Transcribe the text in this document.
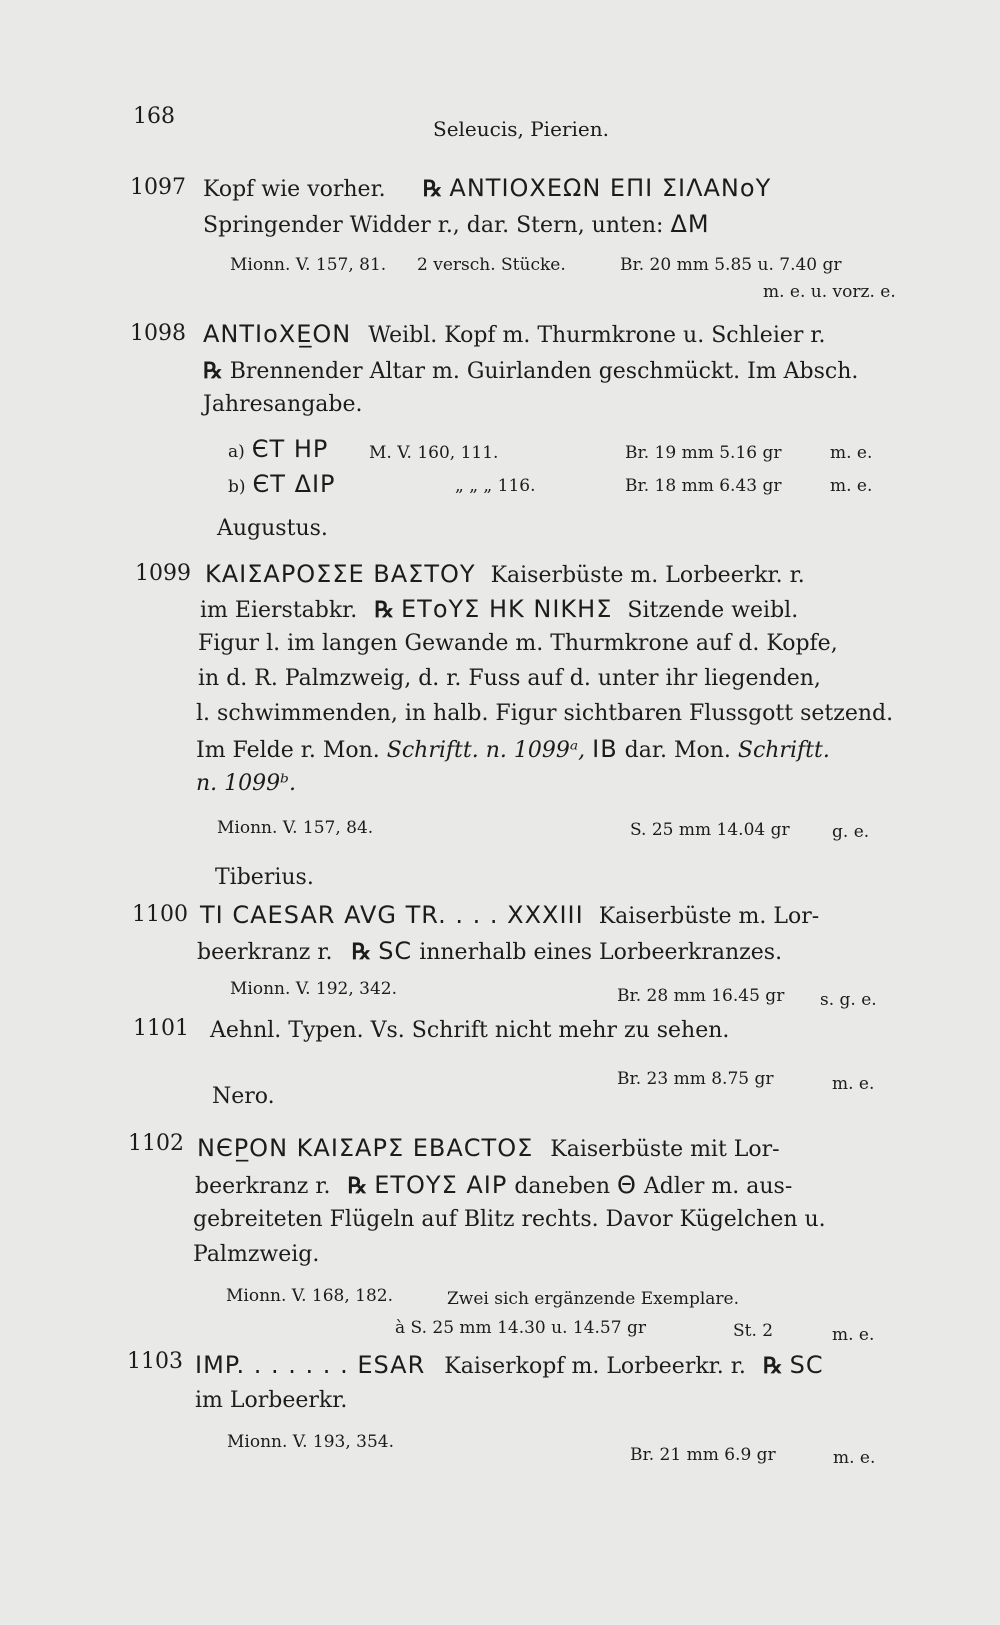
168	Seleucis, Pierien.
1097 Kopf wie vorher. ℞ ΑΝΤΙΟΧΕΩΝ ΕΠΙ ΣΙΛΑΝοΥ
Springender Widder r., dar. Stern, unten: ΔΜ
Mionn. V. 157, 81. 2 versch. Stücke.	Br. 20 mm 5.85 u. 7.40 gr
m. e. u. vorz. e.
1098 ΑΝΤΙοΧΕ̲ΟΝ Weibl. Kopf m. Thurmkrone u. Schleier r.
℞ Brennender Altar m. Guirlanden geschmückt. Im Absch.
Jahresangabe.
a) ЄΤ ΗΡ M. V. 160, 111.	Br. 19 mm 5.16 gr	m. e.
b) ЄΤ ΔΙΡ	„ „ „ 116.	Br. 18 mm 6.43 gr	m. e.
Augustus.
1099 ΚΑΙΣΑΡΟΣΣΕ ΒΑΣΤΟΥ Kaiserbüste m. Lorbeerkr. r.
im Eierstabkr. ℞ ΕΤοΥΣ ΗΚ ΝΙΚΗΣ Sitzende weibl.
Figur l. im langen Gewande m. Thurmkrone auf d. Kopfe,
in d. R. Palmzweig, d. r. Fuss auf d. unter ihr liegenden,
l. schwimmenden, in halb. Figur sichtbaren Flussgott setzend.
Im Felde r. Mon. Schriftt. n. 1099ᵃ, ΙΒ dar. Mon. Schriftt.
n. 1099ᵇ.
Mionn. V. 157, 84.	S. 25 mm 14.04 gr g. e.
Tiberius.
1100 ΤΙ CAESAR AVG TR. . . . XXXIII Kaiserbüste m. Lor-
beerkranz r. ℞ SC innerhalb eines Lorbeerkranzes.
Mionn. V. 192, 342.	Br. 28 mm 16.45 gr s. g. e.
1101 Aehnl. Typen. Vs. Schrift nicht mehr zu sehen.
Br. 23 mm 8.75 gr	m. e.
Nero.
1102 ΝЄΡ̲ΟΝ ΚΑΙΣΑΡΣ ΕΒΑCΤΟΣ Kaiserbüste mit Lor-
beerkranz r. ℞ ΕΤΟΥΣ ΑΙΡ daneben Θ Adler m. aus-
gebreiteten Flügeln auf Blitz rechts. Davor Kügelchen u.
Palmzweig.
Mionn. V. 168, 182.	Zwei sich ergänzende Exemplare.
à S. 25 mm 14.30 u. 14.57 gr	St. 2	m. e.
1103 IMP. . . . . . . ESAR Kaiserkopf m. Lorbeerkr. r. ℞ SC
im Lorbeerkr.
Mionn. V. 193, 354.
Br. 21 mm 6.9 gr	m. e.
